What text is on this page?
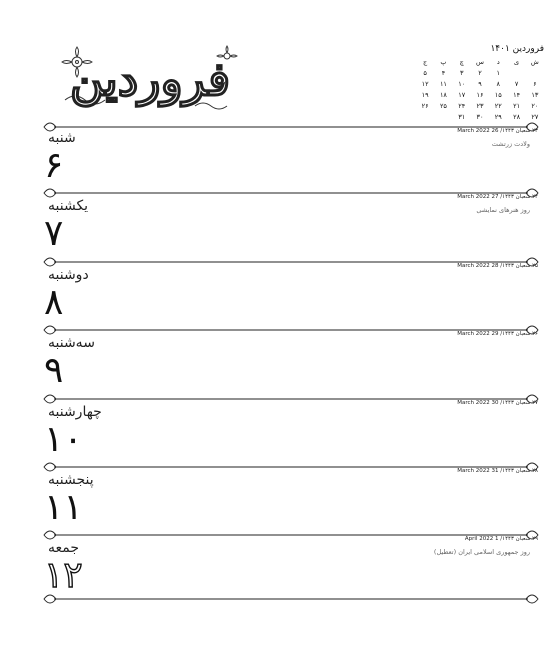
فروردین
فروردین ۱۴۰۱
ش
ی
د
س
چ
پ
ج
۱
۲
۳
۴
۵
۶
۷
۸
۹
۱۰
۱۱
۱۲
۱۳
۱۴
۱۵
۱۶
۱۷
۱۸
۱۹
۲۰
۲۱
۲۲
۲۳
۲۴
۲۵
۲۶
۲۷
۲۸
۲۹
۳۰
۳۱
۲۳ شعبان ۱۴۴۳/ 26 March 2022
ولادت زرتشت
شنبه
۶
۲۴ شعبان ۱۴۴۳/ 27 March 2022
روز هنرهای نمایشی
یکشنبه
۷
۲۵ شعبان ۱۴۴۳/ 28 March 2022
دوشنبه
۸
۲۶ شعبان ۱۴۴۳/ 29 March 2022
سه‌شنبه
۹
۲۷ شعبان ۱۴۴۳/ 30 March 2022
چهارشنبه
۱۰
۲۸ شعبان ۱۴۴۳/ 31 March 2022
پنجشنبه
۱۱
۲۹ شعبان ۱۴۴۳/ 1 April 2022
روز جمهوری اسلامی ایران (تعطیل)
جمعه
۱۲
